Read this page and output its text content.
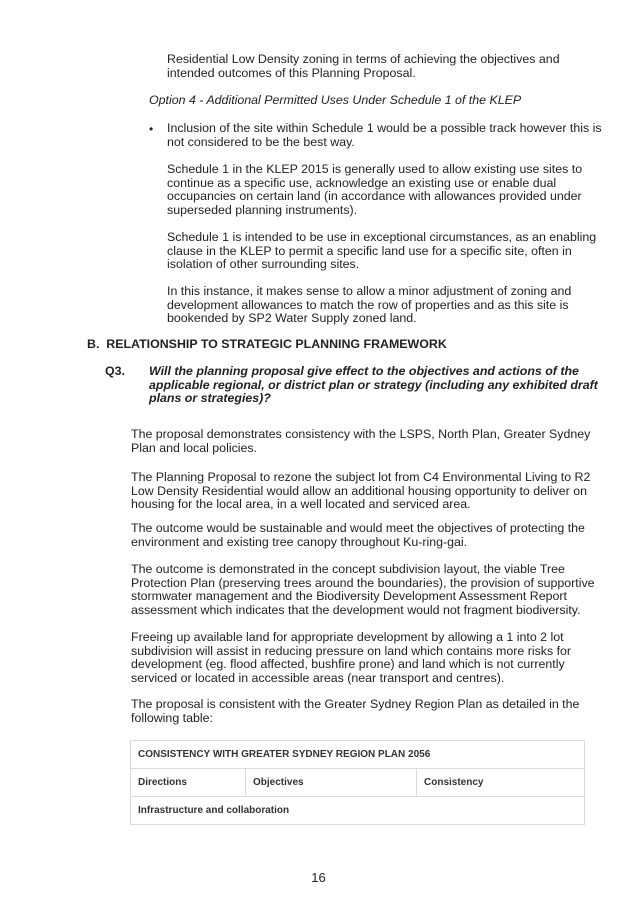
Residential Low Density zoning in terms of achieving the objectives and
intended outcomes of this Planning Proposal.
Option 4 - Additional Permitted Uses Under Schedule 1 of the KLEP
• Inclusion of the site within Schedule 1 would be a possible track however this is
not considered to be the best way.
Schedule 1 in the KLEP 2015 is generally used to allow existing use sites to
continue as a specific use, acknowledge an existing use or enable dual
occupancies on certain land (in accordance with allowances provided under
superseded planning instruments).
Schedule 1 is intended to be use in exceptional circumstances, as an enabling
clause in the KLEP to permit a specific land use for a specific site, often in
isolation of other surrounding sites.
In this instance, it makes sense to allow a minor adjustment of zoning and
development allowances to match the row of properties and as this site is
bookended by SP2 Water Supply zoned land.
B.  RELATIONSHIP TO STRATEGIC PLANNING FRAMEWORK
Q3. Will the planning proposal give effect to the objectives and actions of the
applicable regional, or district plan or strategy (including any exhibited draft
plans or strategies)?
The proposal demonstrates consistency with the LSPS, North Plan, Greater Sydney
Plan and local policies.
The Planning Proposal to rezone the subject lot from C4 Environmental Living to R2
Low Density Residential would allow an additional housing opportunity to deliver on
housing for the local area, in a well located and serviced area.
The outcome would be sustainable and would meet the objectives of protecting the
environment and existing tree canopy throughout Ku-ring-gai.
The outcome is demonstrated in the concept subdivision layout, the viable Tree
Protection Plan (preserving trees around the boundaries), the provision of supportive
stormwater management and the Biodiversity Development Assessment Report
assessment which indicates that the development would not fragment biodiversity.
Freeing up available land for appropriate development by allowing a 1 into 2 lot
subdivision will assist in reducing pressure on land which contains more risks for
development (eg. flood affected, bushfire prone) and land which is not currently
serviced or located in accessible areas (near transport and centres).
The proposal is consistent with the Greater Sydney Region Plan as detailed in the
following table:
CONSISTENCY WITH GREATER SYDNEY REGION PLAN 2056
Directions	Objectives	Consistency
Infrastructure and collaboration
16
